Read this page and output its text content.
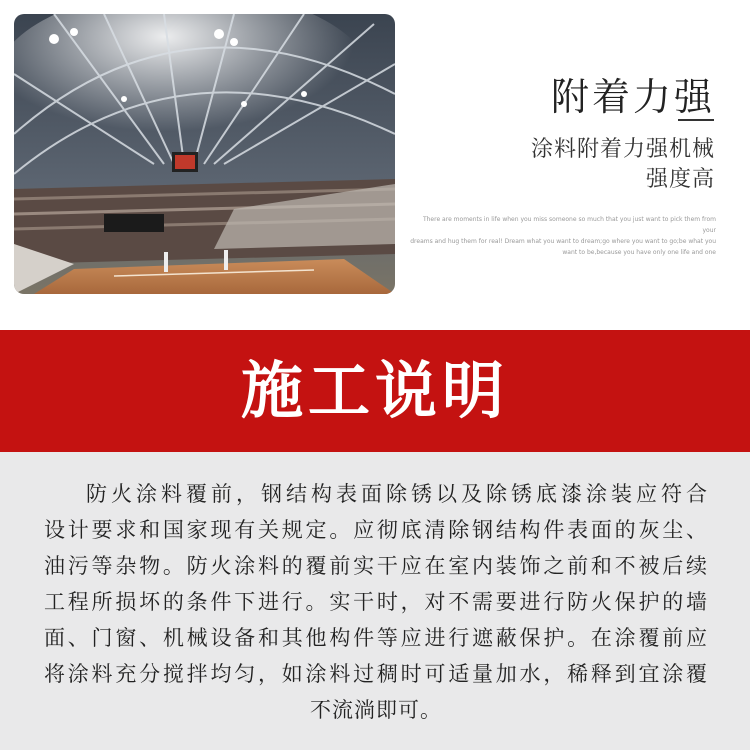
附着力强
涂料附着力强机械
强度高
There are moments in life when you miss someone so much that you just want to pick them from your
dreams and hug them for real! Dream what you want to dream;go where you want to go;be what you
want to be,because you have only one life and one
施工说明
防火涂料覆前，钢结构表面除锈以及除锈底漆涂装应符合
设计要求和国家现有关规定。应彻底清除钢结构件表面的灰尘、
油污等杂物。防火涂料的覆前实干应在室内装饰之前和不被后续
工程所损坏的条件下进行。实干时，对不需要进行防火保护的墙
面、门窗、机械设备和其他构件等应进行遮蔽保护。在涂覆前应
将涂料充分搅拌均匀，如涂料过稠时可适量加水，稀释到宜涂覆
不流淌即可。
